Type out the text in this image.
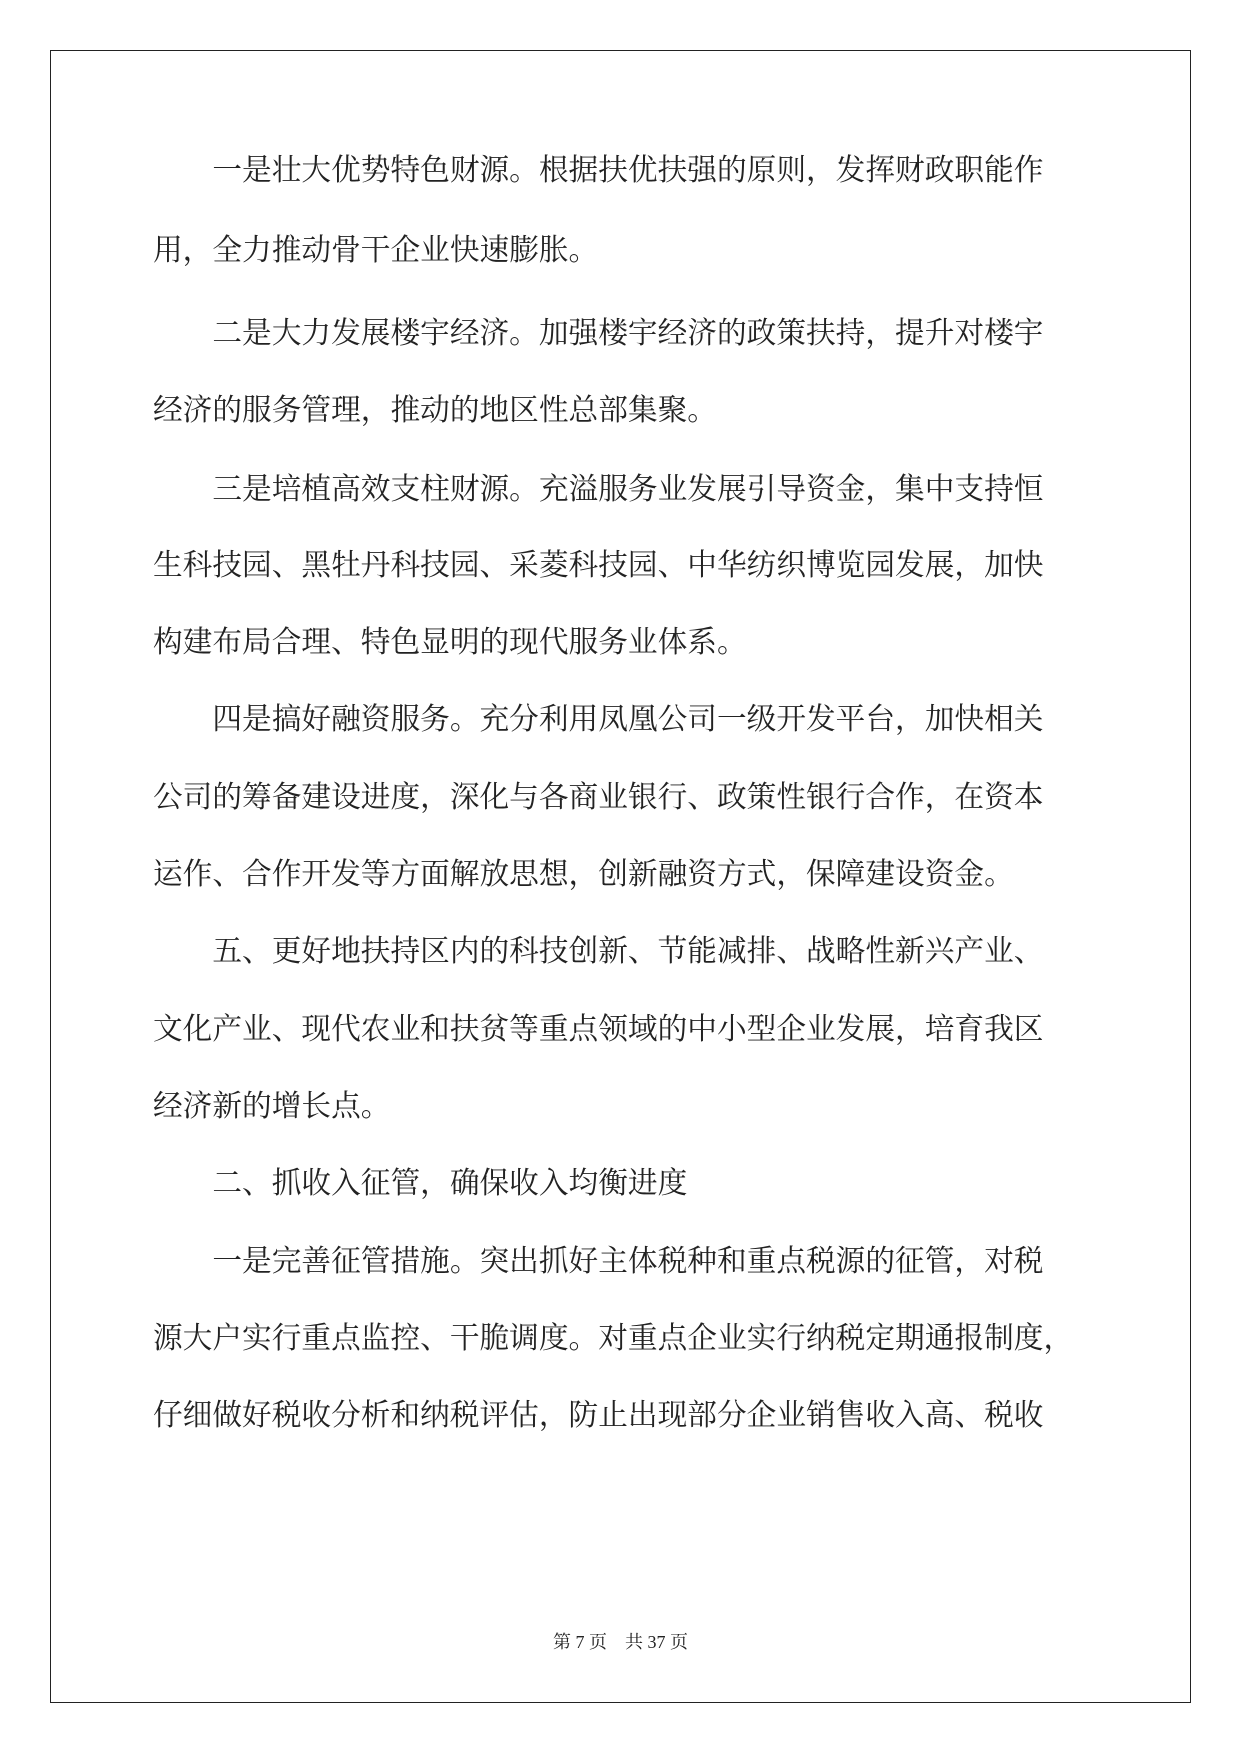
　　一是壮大优势特色财源。根据扶优扶强的原则，发挥财政职能作
用，全力推动骨干企业快速膨胀。
　　二是大力发展楼宇经济。加强楼宇经济的政策扶持，提升对楼宇
经济的服务管理，推动的地区性总部集聚。
　　三是培植高效支柱财源。充溢服务业发展引导资金，集中支持恒
生科技园、黑牡丹科技园、采菱科技园、中华纺织博览园发展，加快
构建布局合理、特色显明的现代服务业体系。
　　四是搞好融资服务。充分利用凤凰公司一级开发平台，加快相关
公司的筹备建设进度，深化与各商业银行、政策性银行合作，在资本
运作、合作开发等方面解放思想，创新融资方式，保障建设资金。
　　五、更好地扶持区内的科技创新、节能减排、战略性新兴产业、
文化产业、现代农业和扶贫等重点领域的中小型企业发展，培育我区
经济新的增长点。
　　二、抓收入征管，确保收入均衡进度
　　一是完善征管措施。突出抓好主体税种和重点税源的征管，对税
源大户实行重点监控、干脆调度。对重点企业实行纳税定期通报制度，
仔细做好税收分析和纳税评估，防止出现部分企业销售收入高、税收
第 7 页　共 37 页
